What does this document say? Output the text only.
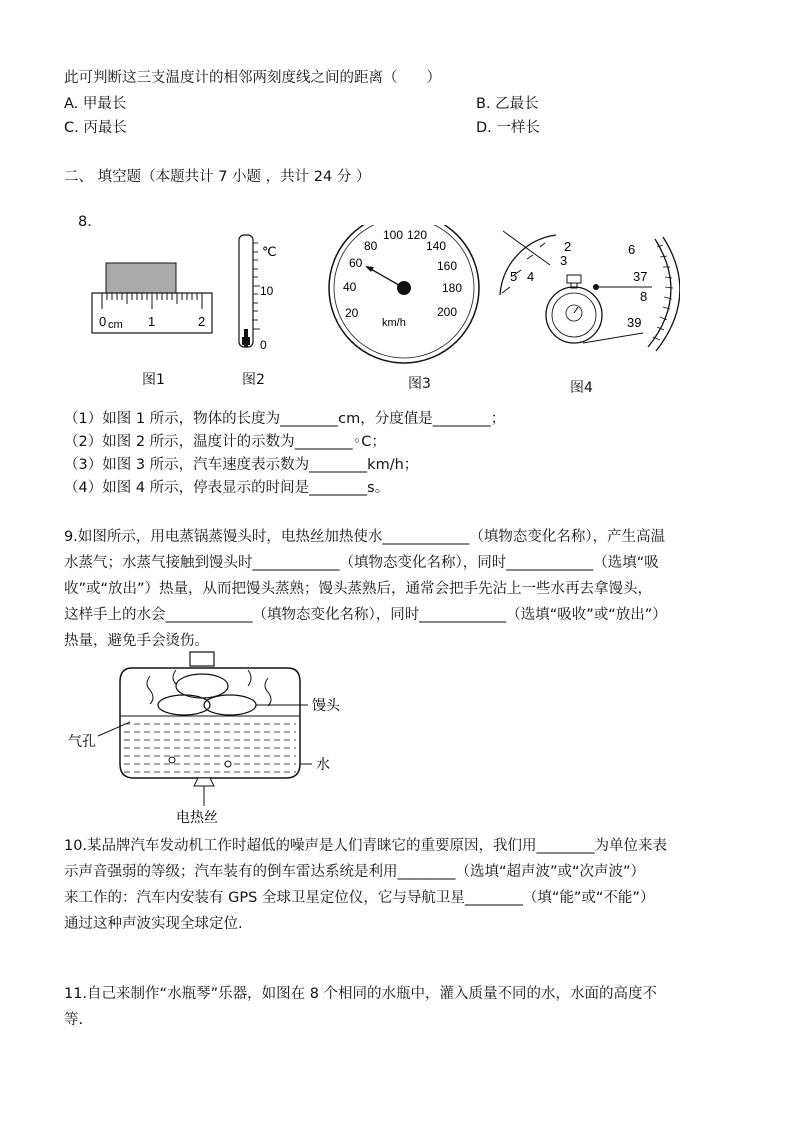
此可判断这三支温度计的相邻两刻度线之间的距离（　　）
A. 甲最长	B. 乙最长
C. 丙最长	D. 一样长
二、 填空题（本题共计 7 小题 ，共计 24 分 ）
8.
0 cm 1	2
℃
10
0
20
40
60
80
100 120
140
160
180
200
km/h
2
3
4
5
6
37
8
39
图1	图2	图3	图4
（1）如图 1 所示，物体的长度为________cm，分度值是________；
（2）如图 2 所示，温度计的示数为________◦C；
（3）如图 3 所示，汽车速度表示数为________km/h；
（4）如图 4 所示，停表显示的时间是________s。
9.如图所示，用电蒸锅蒸馒头时，电热丝加热使水____________（填物态变化名称），产生高温
水蒸气；水蒸气接触到馒头时____________（填物态变化名称），同时____________（选填“吸
收”或“放出”）热量，从而把馒头蒸熟；馒头蒸熟后，通常会把手先沾上一些水再去拿馒头，
这样手上的水会____________（填物态变化名称），同时____________（选填“吸收”或“放出”）
热量，避免手会烫伤。
馒头
气孔
水
电热丝
10.某品牌汽车发动机工作时超低的噪声是人们青睐它的重要原因，我们用________为单位来表
示声音强弱的等级；汽车装有的倒车雷达系统是利用________（选填“超声波”或“次声波”）
来工作的：汽车内安装有 GPS 全球卫星定位仪，它与导航卫星________（填“能”或“不能”）
通过这种声波实现全球定位.
11.自己来制作“水瓶琴”乐器，如图在 8 个相同的水瓶中，灌入质量不同的水，水面的高度不
等.
